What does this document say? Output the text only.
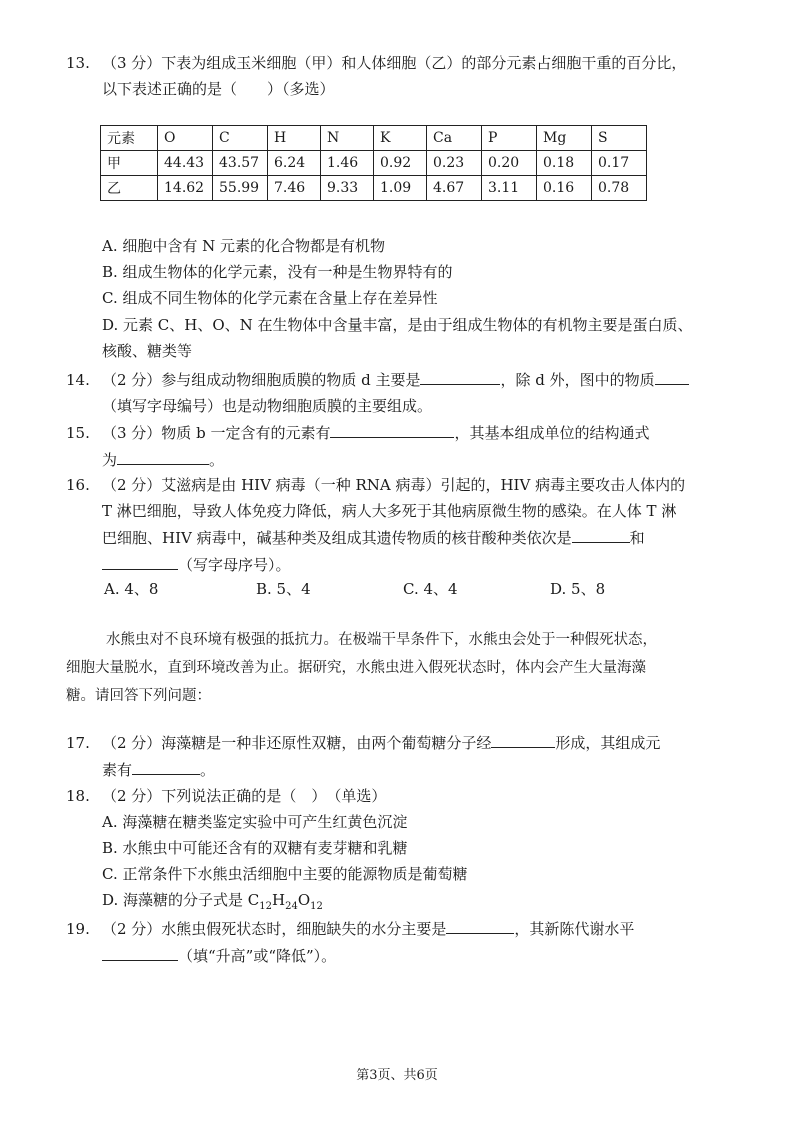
13. （3 分）下表为组成玉米细胞（甲）和人体细胞（乙）的部分元素占细胞干重的百分比，
以下表述正确的是（　　）（多选）
元素	O	C	H	N	K	Ca	P	Mg	S
甲	44.43	43.57	6.24	1.46	0.92	0.23	0.20	0.18	0.17
乙	14.62	55.99	7.46	9.33	1.09	4.67	3.11	0.16	0.78
A. 细胞中含有 N 元素的化合物都是有机物
B. 组成生物体的化学元素，没有一种是生物界特有的
C. 组成不同生物体的化学元素在含量上存在差异性
D. 元素 C、H、O、N 在生物体中含量丰富，是由于组成生物体的有机物主要是蛋白质、
核酸、糖类等
14. （2 分）参与组成动物细胞质膜的物质 d 主要是	，除 d 外，图中的物质
（填写字母编号）也是动物细胞质膜的主要组成。
15. （3 分）物质 b 一定含有的元素有	，其基本组成单位的结构通式
为	。
16. （2 分）艾滋病是由 HIV 病毒（一种 RNA 病毒）引起的，HIV 病毒主要攻击人体内的
T 淋巴细胞，导致人体免疫力降低，病人大多死于其他病原微生物的感染。在人体 T 淋
巴细胞、HIV 病毒中，碱基种类及组成其遗传物质的核苷酸种类依次是	和
（写字母序号）。
A. 4、8	B. 5、4	C. 4、4	D. 5、8
水熊虫对不良环境有极强的抵抗力。在极端干旱条件下，水熊虫会处于一种假死状态，
细胞大量脱水，直到环境改善为止。据研究，水熊虫进入假死状态时，体内会产生大量海藻
糖。请回答下列问题：
17. （2 分）海藻糖是一种非还原性双糖，由两个葡萄糖分子经	形成，其组成元
素有	。
18. （2 分）下列说法正确的是（　）　（单选）
A. 海藻糖在糖类鉴定实验中可产生红黄色沉淀
B. 水熊虫中可能还含有的双糖有麦芽糖和乳糖
C. 正常条件下水熊虫活细胞中主要的能源物质是葡萄糖
D. 海藻糖的分子式是 $C_{12}H_{24}O_{12}$
19. （2 分）水熊虫假死状态时，细胞缺失的水分主要是	，其新陈代谢水平
（填“升高”或“降低”）。
第3页、共6页
